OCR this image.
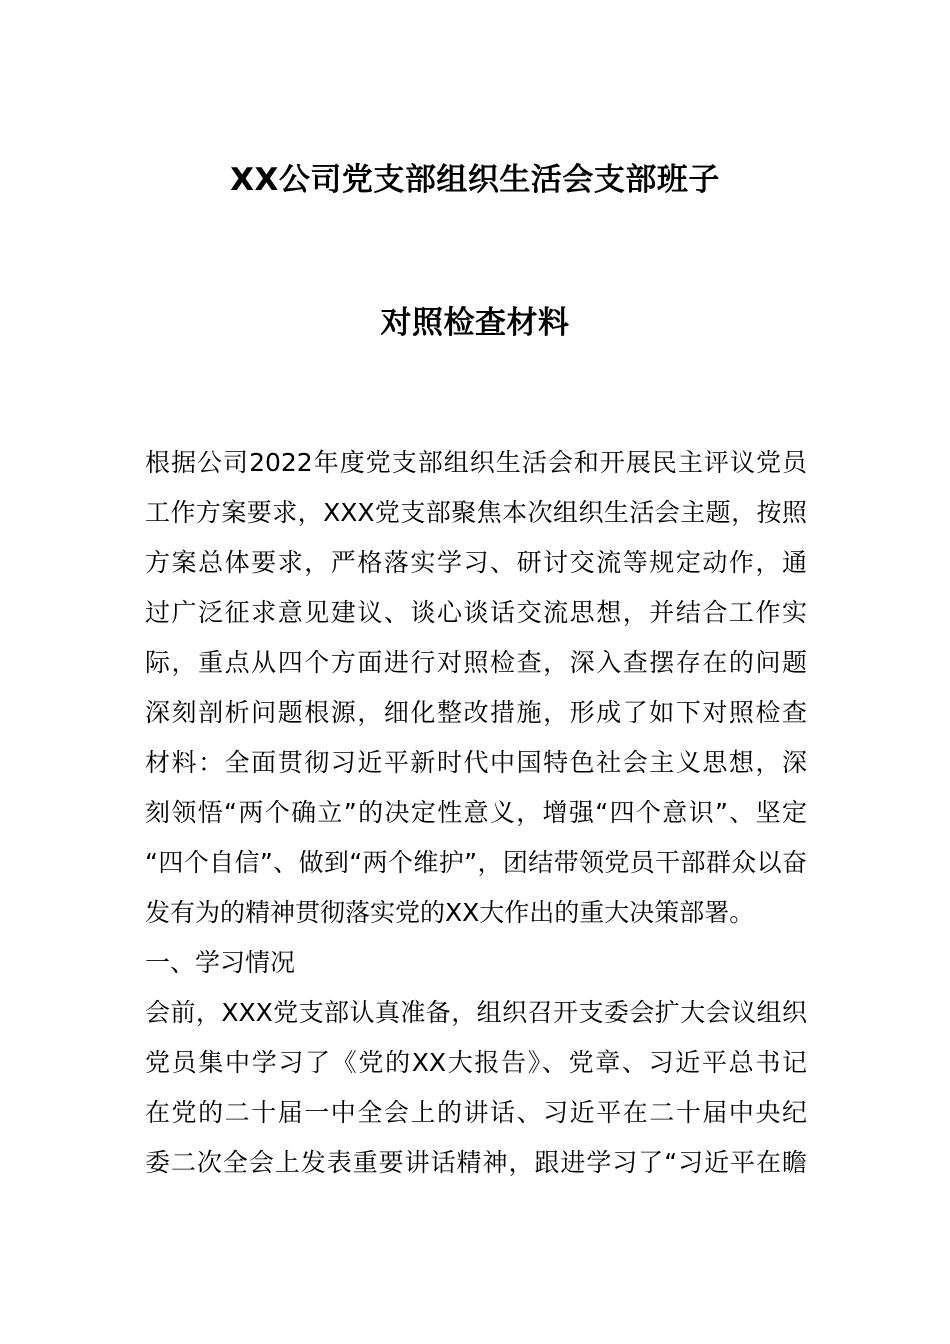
XX公司党支部组织生活会支部班子
对照检查材料
根据公司2022年度党支部组织生活会和开展民主评议党员
工作方案要求，XXX党支部聚焦本次组织生活会主题，按照
方案总体要求，严格落实学习、研讨交流等规定动作，通
过广泛征求意见建议、谈心谈话交流思想，并结合工作实
际，重点从四个方面进行对照检查，深入查摆存在的问题
深刻剖析问题根源，细化整改措施，形成了如下对照检查
材料：全面贯彻习近平新时代中国特色社会主义思想，深
刻领悟“两个确立”的决定性意义，增强“四个意识”、坚定
“四个自信”、做到“两个维护”，团结带领党员干部群众以奋
发有为的精神贯彻落实党的XX大作出的重大决策部署。
一、学习情况
会前，XXX党支部认真准备，组织召开支委会扩大会议组织
党员集中学习了《党的XX大报告》、党章、习近平总书记
在党的二十届一中全会上的讲话、习近平在二十届中央纪
委二次全会上发表重要讲话精神，跟进学习了“习近平在瞻
